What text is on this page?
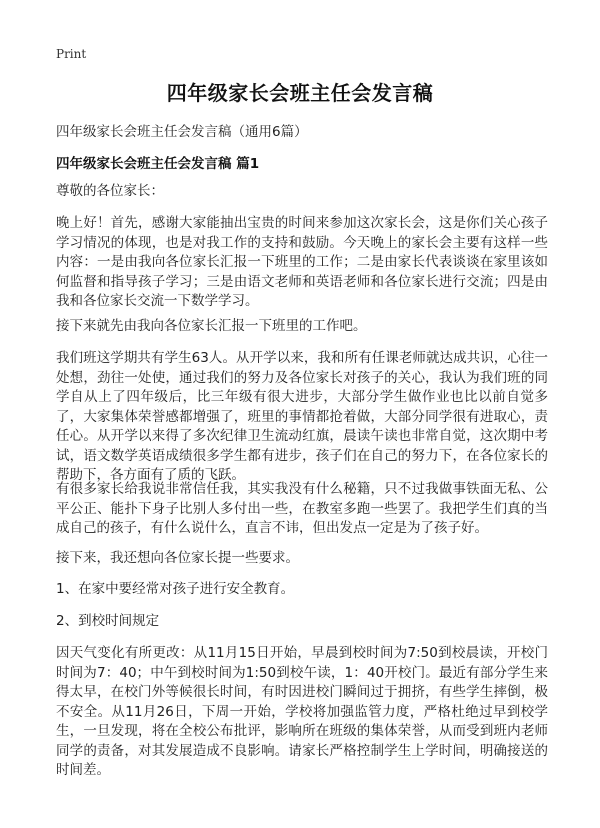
Print
四年级家长会班主任会发言稿
四年级家长会班主任会发言稿（通用6篇）
四年级家长会班主任会发言稿 篇1

尊敬的各位家长：

晚上好！首先，感谢大家能抽出宝贵的时间来参加这次家长会，这是你们关心孩子学习情况的体现，也是对我工作的支持和鼓励。今天晚上的家长会主要有这样一些内容：一是由我向各位家长汇报一下班里的工作；二是由家长代表谈谈在家里该如何监督和指导孩子学习；三是由语文老师和英语老师和各位家长进行交流；四是由我和各位家长交流一下数学学习。

接下来就先由我向各位家长汇报一下班里的工作吧。

我们班这学期共有学生63人。从开学以来，我和所有任课老师就达成共识，心往一处想，劲往一处使，通过我们的努力及各位家长对孩子的关心，我认为我们班的同学自从上了四年级后，比三年级有很大进步，大部分学生做作业也比以前自觉多了，大家集体荣誉感都增强了，班里的事情都抢着做，大部分同学很有进取心，责任心。从开学以来得了多次纪律卫生流动红旗，晨读午读也非常自觉，这次期中考试，语文数学英语成绩很多学生都有进步，孩子们在自己的努力下，在各位家长的帮助下，各方面有了质的飞跃。

有很多家长给我说非常信任我，其实我没有什么秘籍，只不过我做事铁面无私、公平公正、能扑下身子比别人多付出一些，在教室多跑一些罢了。我把学生们真的当成自己的孩子，有什么说什么，直言不讳，但出发点一定是为了孩子好。

接下来，我还想向各位家长提一些要求。

1、在家中要经常对孩子进行安全教育。

2、到校时间规定

因天气变化有所更改：从11月15日开始，早晨到校时间为7:50到校晨读，开校门时间为7：40；中午到校时间为1:50到校午读，1：40开校门。最近有部分学生来得太早，在校门外等候很长时间，有时因进校门瞬间过于拥挤，有些学生摔倒，极不安全。从11月26日，下周一开始，学校将加强监管力度，严格杜绝过早到校学生，一旦发现，将在全校公布批评，影响所在班级的集体荣誉，从而受到班内老师同学的责备，对其发展造成不良影响。请家长严格控制学生上学时间，明确接送的时间差。
